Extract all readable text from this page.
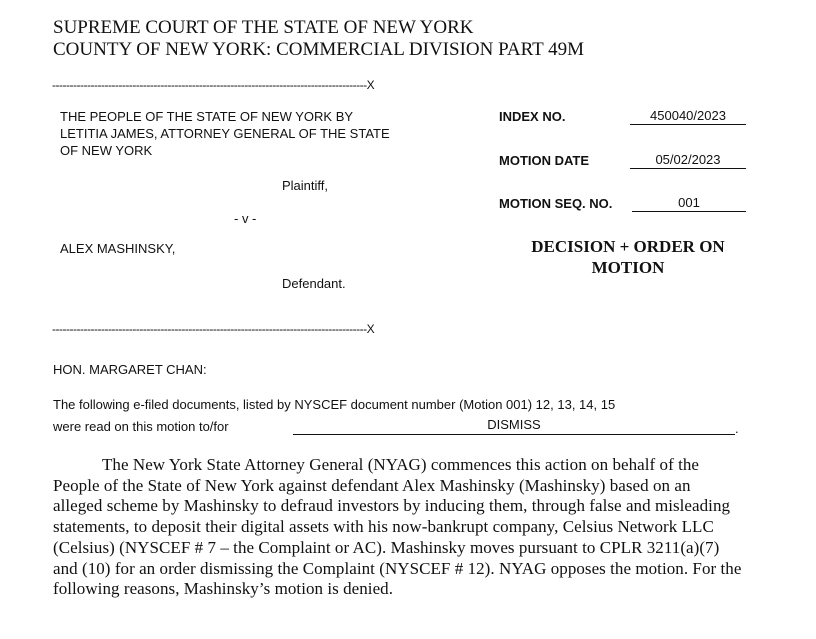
SUPREME COURT OF THE STATE OF NEW YORK
COUNTY OF NEW YORK: COMMERCIAL DIVISION PART 49M
------------------------------------------------------------------------------------------X
THE PEOPLE OF THE STATE OF NEW YORK BY
LETITIA JAMES, ATTORNEY GENERAL OF THE STATE
OF NEW YORK
Plaintiff,
- v -
ALEX MASHINSKY,
Defendant.
------------------------------------------------------------------------------------------X
INDEX NO.	450040/2023
MOTION DATE	05/02/2023
MOTION SEQ. NO.	001
DECISION + ORDER ON
MOTION
HON. MARGARET CHAN:
The following e-filed documents, listed by NYSCEF document number (Motion 001) 12, 13, 14, 15
were read on this motion to/for	DISMISS	.
The New York State Attorney General (NYAG) commences this action on behalf of the People of the State of New York against defendant Alex Mashinsky (Mashinsky) based on an alleged scheme by Mashinsky to defraud investors by inducing them, through false and misleading statements, to deposit their digital assets with his now-bankrupt company, Celsius Network LLC (Celsius) (NYSCEF # 7 – the Complaint or AC). Mashinsky moves pursuant to CPLR 3211(a)(7) and (10) for an order dismissing the Complaint (NYSCEF # 12). NYAG opposes the motion. For the following reasons, Mashinsky’s motion is denied.
